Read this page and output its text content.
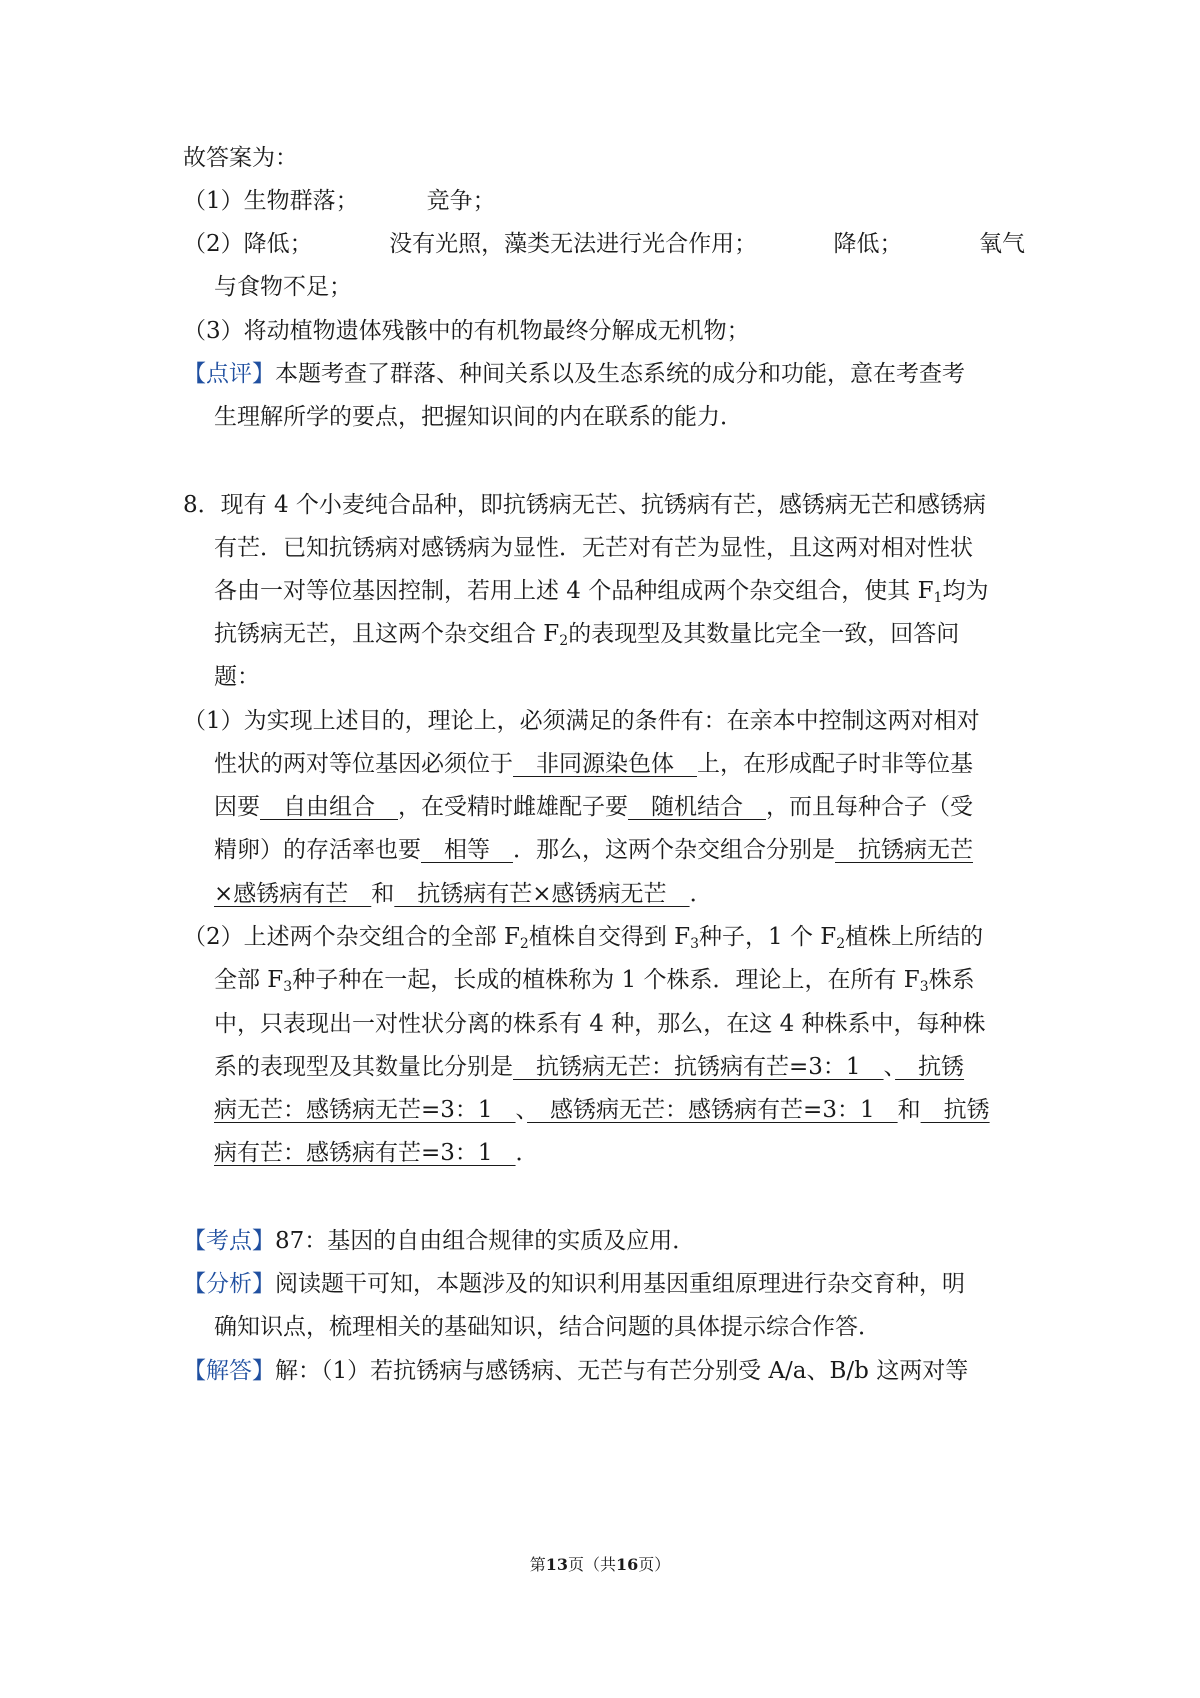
故答案为：
（1）生物群落；	竞争；
（2）降低；	没有光照，藻类无法进行光合作用；	降低；	氧气
与食物不足；
（3）将动植物遗体残骸中的有机物最终分解成无机物；
【点评】本题考查了群落、种间关系以及生态系统的成分和功能，意在考查考
生理解所学的要点，把握知识间的内在联系的能力．
8．现有 4 个小麦纯合品种，即抗锈病无芒、抗锈病有芒，感锈病无芒和感锈病
有芒．已知抗锈病对感锈病为显性．无芒对有芒为显性，且这两对相对性状
各由一对等位基因控制，若用上述 4 个品种组成两个杂交组合，使其 $F_1$均为
抗锈病无芒，且这两个杂交组合 $F_2$的表现型及其数量比完全一致，回答问
题：
（1）为实现上述目的，理论上，必须满足的条件有：在亲本中控制这两对相对
性状的两对等位基因必须位于　非同源染色体　上，在形成配子时非等位基
因要　自由组合　，在受精时雌雄配子要　随机结合　，而且每种合子（受
精卵）的存活率也要　相等　．那么，这两个杂交组合分别是　抗锈病无芒
×感锈病有芒　和　抗锈病有芒×感锈病无芒　．
（2）上述两个杂交组合的全部 $F_2$植株自交得到 $F_3$种子，1 个 $F_2$植株上所结的
全部 $F_3$种子种在一起，长成的植株称为 1 个株系．理论上，在所有 $F_3$株系
中，只表现出一对性状分离的株系有 4 种，那么，在这 4 种株系中，每种株
系的表现型及其数量比分别是　抗锈病无芒：抗锈病有芒=3：1　、　抗锈
病无芒：感锈病无芒=3：1　、　感锈病无芒：感锈病有芒=3：1　和　抗锈
病有芒：感锈病有芒=3：1　．
【考点】87：基因的自由组合规律的实质及应用．
【分析】阅读题干可知，本题涉及的知识利用基因重组原理进行杂交育种，明
确知识点，梳理相关的基础知识，结合问题的具体提示综合作答．
【解答】解：（1）若抗锈病与感锈病、无芒与有芒分别受 A/a、B/b 这两对等
第13页（共16页）
